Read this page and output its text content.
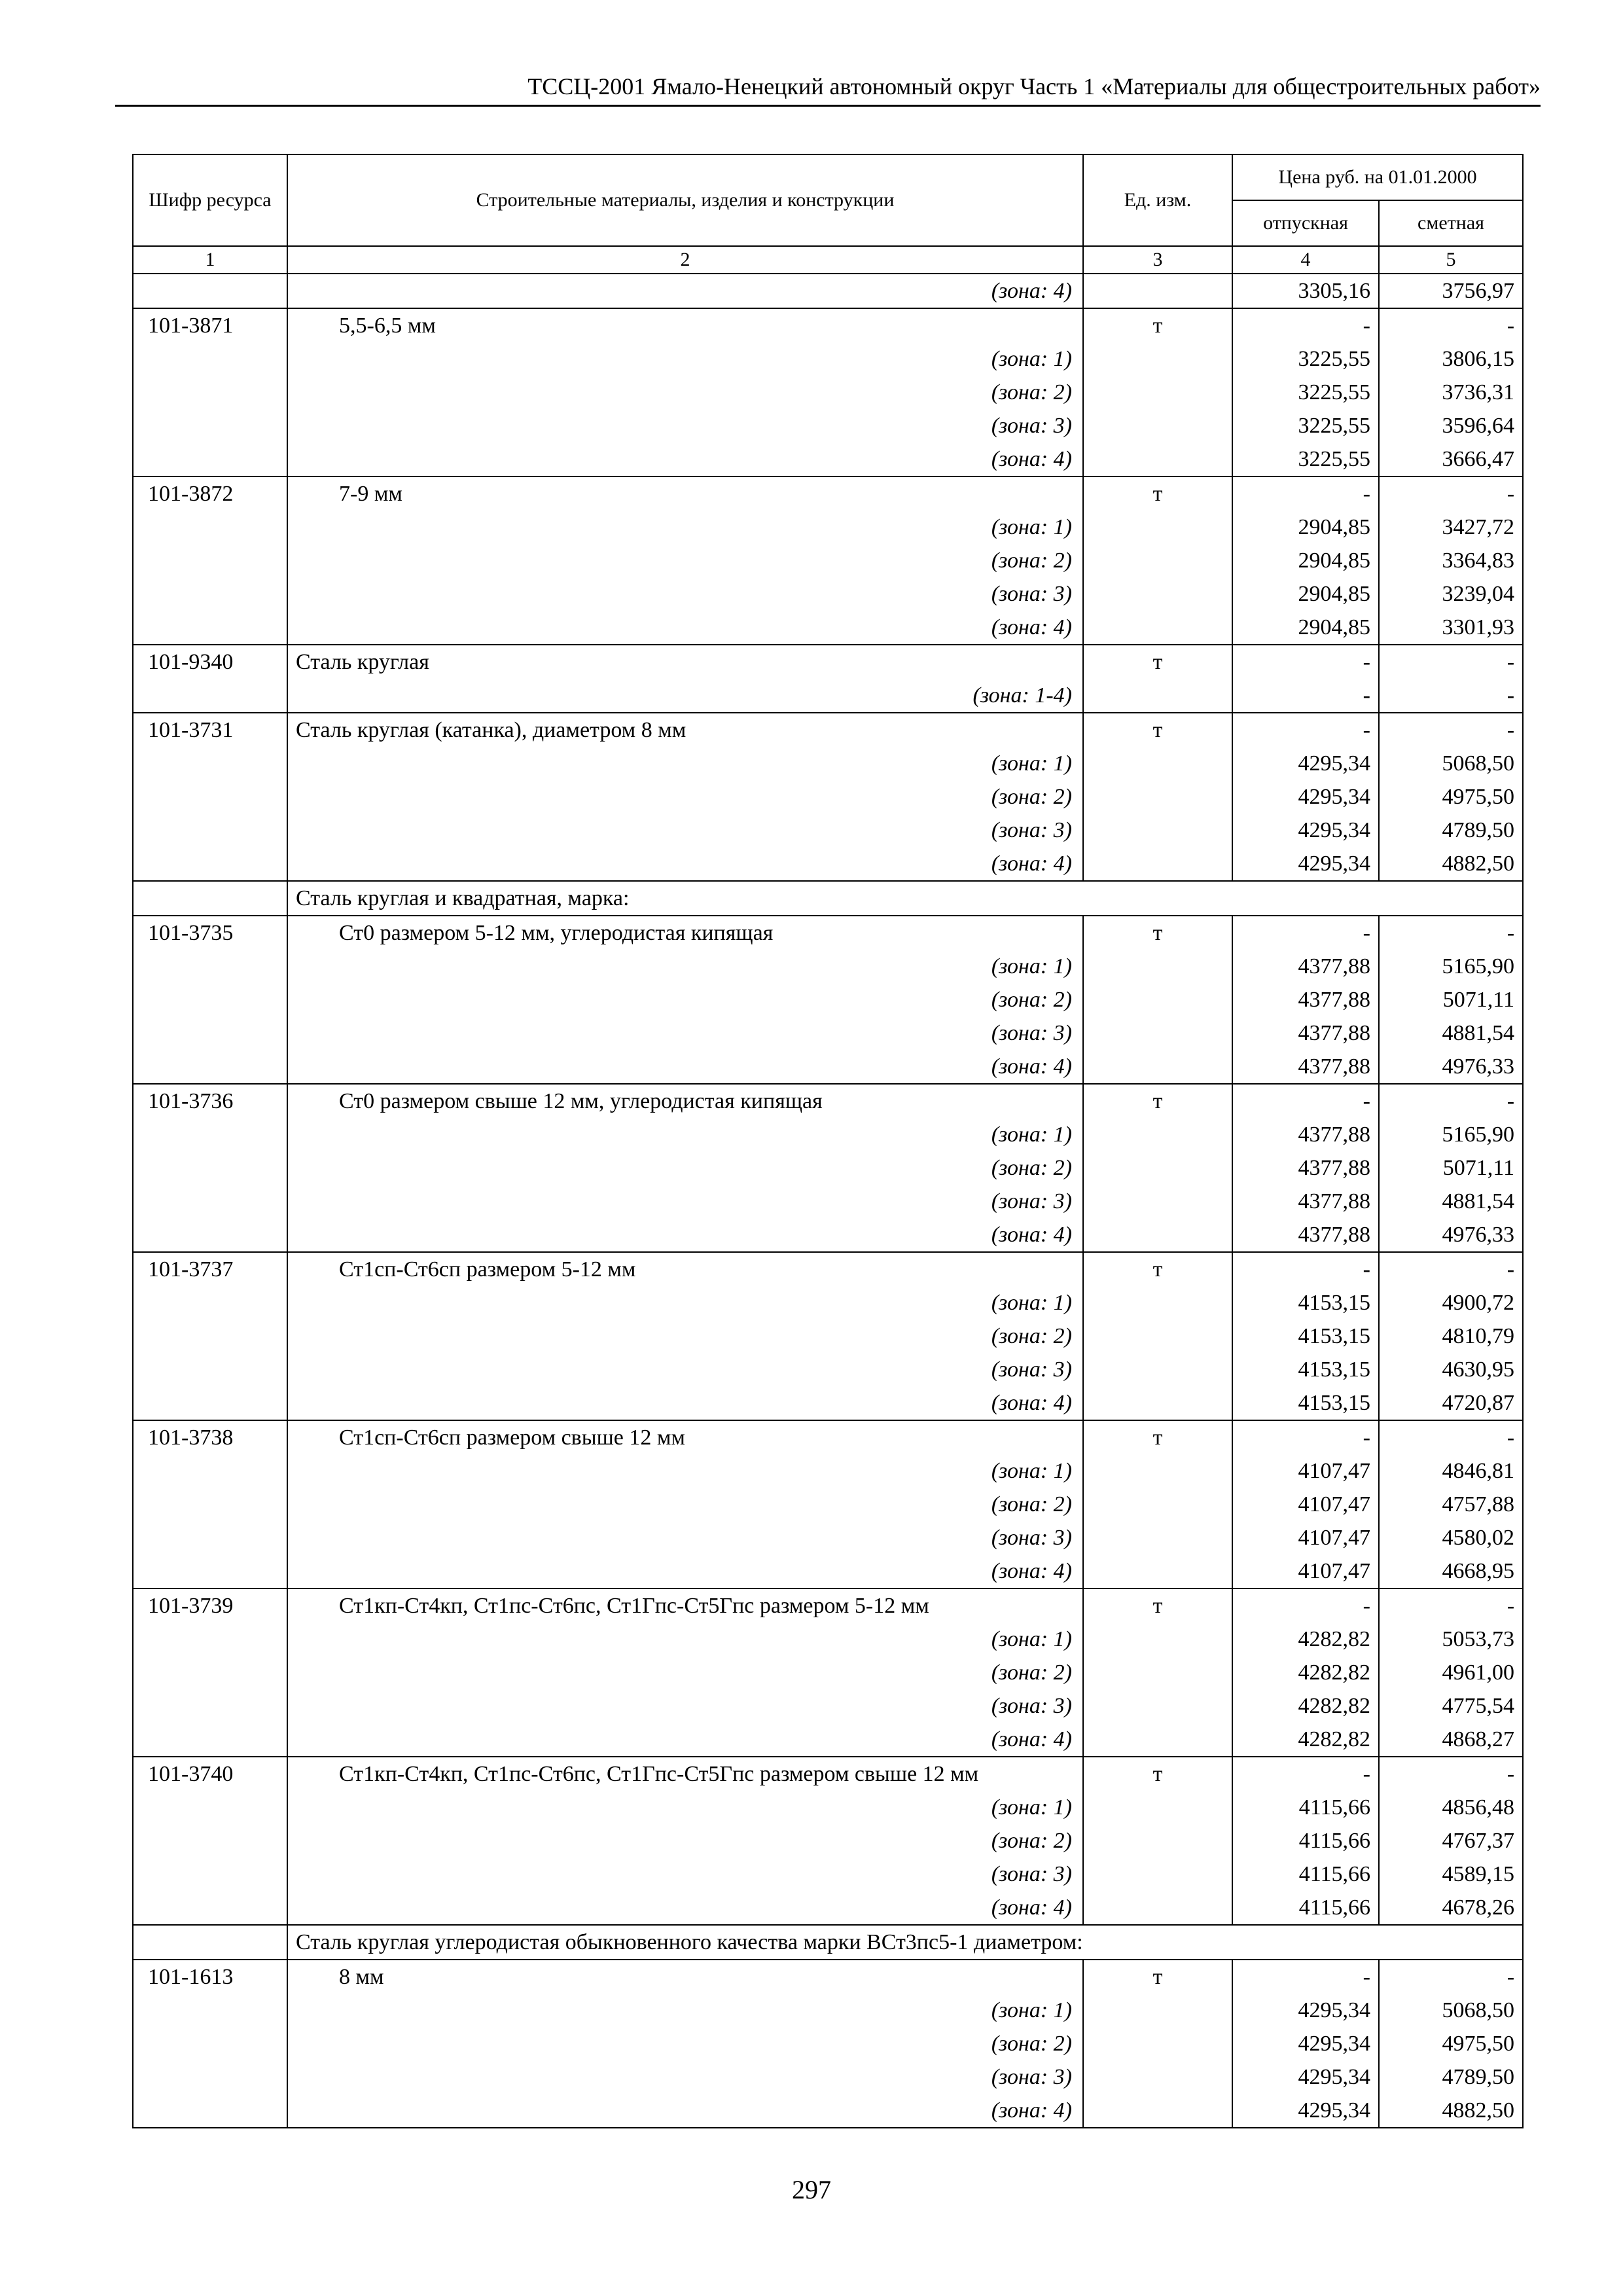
ТССЦ-2001 Ямало-Ненецкий автономный округ Часть 1 «Материалы для общестроительных работ»
Шифр ресурса	Строительные материалы, изделия и конструкции	Ед. изм.	Цена руб. на 01.01.2000	
			отпускная	сметная
1	2	3	4	5
	(зона: 4)		3305,16	3756,97
101-3871	5,5-6,5 мм	т	-	-
	(зона: 1)		3225,55	3806,15
	(зона: 2)		3225,55	3736,31
	(зона: 3)		3225,55	3596,64
	(зона: 4)		3225,55	3666,47
101-3872	7-9 мм	т	-	-
	(зона: 1)		2904,85	3427,72
	(зона: 2)		2904,85	3364,83
	(зона: 3)		2904,85	3239,04
	(зона: 4)		2904,85	3301,93
101-9340	Сталь круглая	т	-	-
	(зона: 1-4)		-	-
101-3731	Сталь круглая (катанка), диаметром 8 мм	т	-	-
	(зона: 1)		4295,34	5068,50
	(зона: 2)		4295,34	4975,50
	(зона: 3)		4295,34	4789,50
	(зона: 4)		4295,34	4882,50
	Сталь круглая и квадратная, марка:			
101-3735	Ст0 размером 5-12 мм, углеродистая кипящая	т	-	-
	(зона: 1)		4377,88	5165,90
	(зона: 2)		4377,88	5071,11
	(зона: 3)		4377,88	4881,54
	(зона: 4)		4377,88	4976,33
101-3736	Ст0 размером свыше 12 мм, углеродистая кипящая	т	-	-
	(зона: 1)		4377,88	5165,90
	(зона: 2)		4377,88	5071,11
	(зона: 3)		4377,88	4881,54
	(зона: 4)		4377,88	4976,33
101-3737	Ст1сп-Ст6сп размером 5-12 мм	т	-	-
	(зона: 1)		4153,15	4900,72
	(зона: 2)		4153,15	4810,79
	(зона: 3)		4153,15	4630,95
	(зона: 4)		4153,15	4720,87
101-3738	Ст1сп-Ст6сп размером свыше 12 мм	т	-	-
	(зона: 1)		4107,47	4846,81
	(зона: 2)		4107,47	4757,88
	(зона: 3)		4107,47	4580,02
	(зона: 4)		4107,47	4668,95
101-3739	Ст1кп-Ст4кп, Ст1пс-Ст6пс, Ст1Гпс-Ст5Гпс размером 5-12 мм	т	-	-
	(зона: 1)		4282,82	5053,73
	(зона: 2)		4282,82	4961,00
	(зона: 3)		4282,82	4775,54
	(зона: 4)		4282,82	4868,27
101-3740	Ст1кп-Ст4кп, Ст1пс-Ст6пс, Ст1Гпс-Ст5Гпс размером свыше 12 мм	т	-	-
	(зона: 1)		4115,66	4856,48
	(зона: 2)		4115,66	4767,37
	(зона: 3)		4115,66	4589,15
	(зона: 4)		4115,66	4678,26
	Сталь круглая углеродистая обыкновенного качества марки ВСт3пс5-1 диаметром:			
101-1613	8 мм	т	-	-
	(зона: 1)		4295,34	5068,50
	(зона: 2)		4295,34	4975,50
	(зона: 3)		4295,34	4789,50
	(зона: 4)		4295,34	4882,50
297
